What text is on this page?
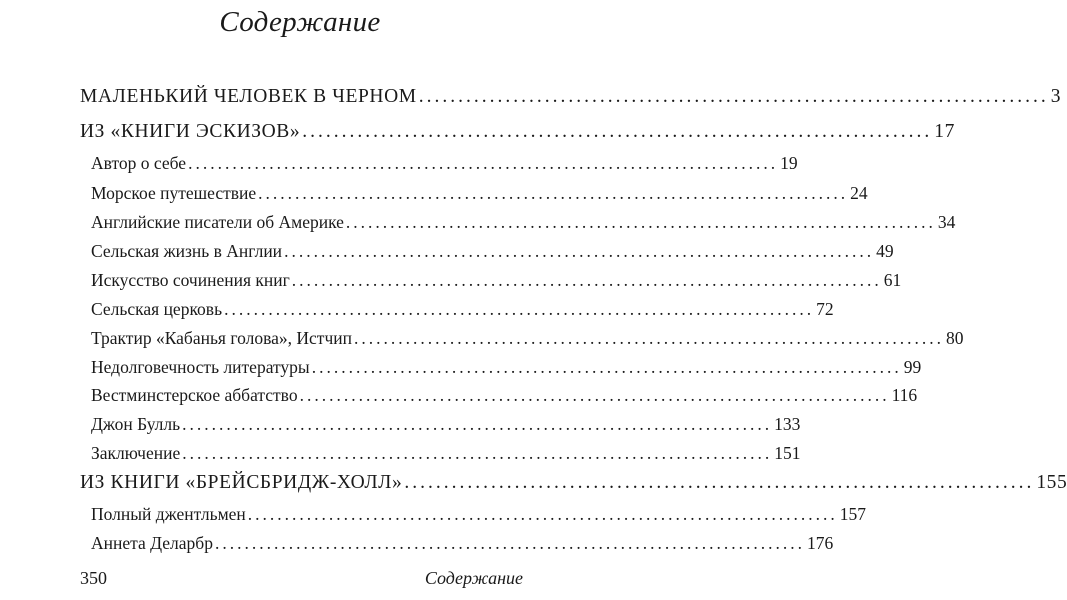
Содержание
МАЛЕНЬКИЙ ЧЕЛОВЕК В ЧЕРНОМ ................................................................................ 3
ИЗ «КНИГИ ЭСКИЗОВ» ................................................................................ 17
Автор о себе ................................................................................ 19
Морское путешествие ................................................................................ 24
Английские писатели об Америке ................................................................................ 34
Сельская жизнь в Англии ................................................................................ 49
Искусство сочинения книг ................................................................................ 61
Сельская церковь ................................................................................ 72
Трактир «Кабанья голова», Истчип ................................................................................ 80
Недолговечность литературы ................................................................................ 99
Вестминстерское аббатство ................................................................................ 116
Джон Булль ................................................................................ 133
Заключение ................................................................................ 151
ИЗ КНИГИ «БРЕЙСБРИДЖ-ХОЛЛ» ................................................................................ 155
Полный джентльмен ................................................................................ 157
Аннета Деларбр ................................................................................ 176
350	Содержание
